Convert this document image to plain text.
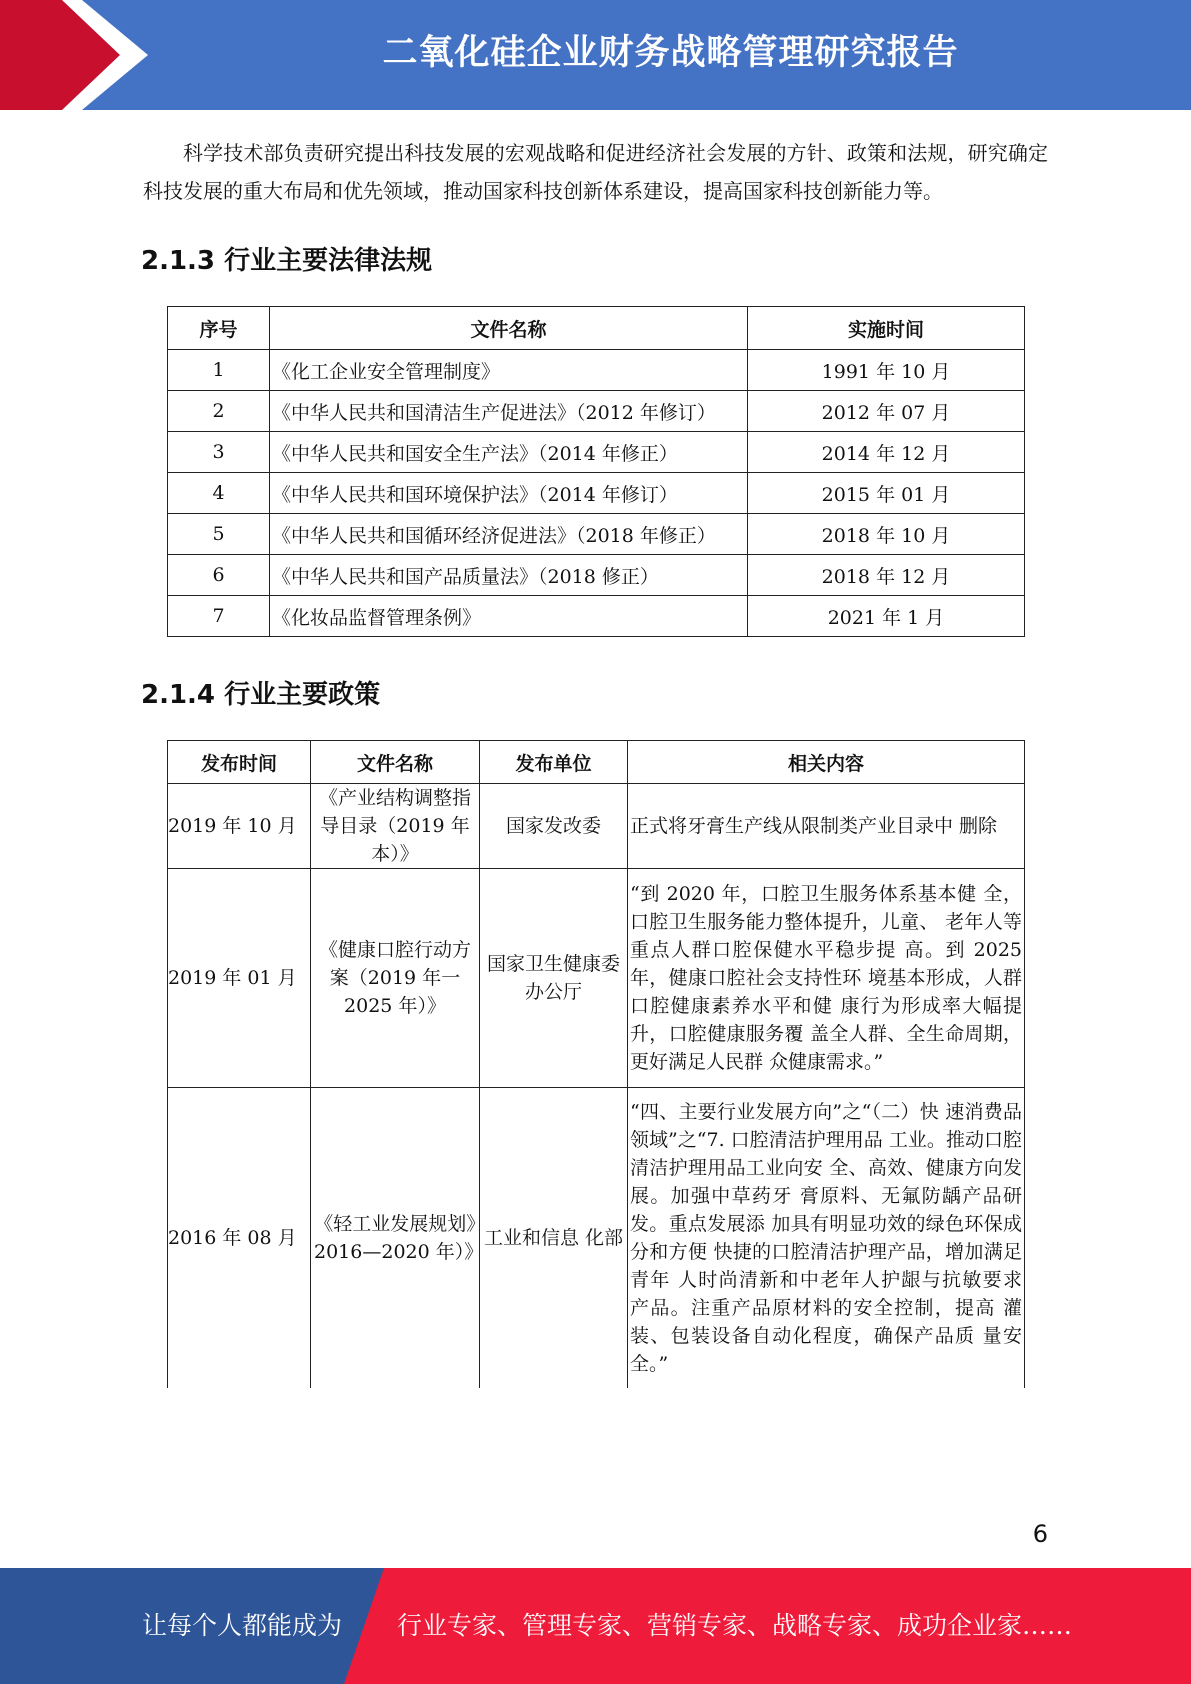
二氧化硅企业财务战略管理研究报告

科学技术部负责研究提出科技发展的宏观战略和促进经济社会发展的方针、政策和法规，研究确定科技发展的重大布局和优先领域，推动国家科技创新体系建设，提高国家科技创新能力等。

2.1.3 行业主要法律法规
序号	文件名称	实施时间
1	《化工企业安全管理制度》	1991 年 10 月
2	《中华人民共和国清洁生产促进法》（2012 年修订）	2012 年 07 月
3	《中华人民共和国安全生产法》（2014 年修正）	2014 年 12 月
4	《中华人民共和国环境保护法》（2014 年修订）	2015 年 01 月
5	《中华人民共和国循环经济促进法》（2018 年修正）	2018 年 10 月
6	《中华人民共和国产品质量法》（2018 修正）	2018 年 12 月
7	《化妆品监督管理条例》	2021 年 1 月
2.1.4 行业主要政策
发布时间	文件名称	发布单位	相关内容
2019 年 10 月	《产业结构调整指导目录（2019 年本）》	国家发改委	正式将牙膏生产线从限制类产业目录中 删除
2019 年 01 月	《健康口腔行动方案（2019 年一 2025 年）》	国家卫生健康委办公厅	“到 2020 年，口腔卫生服务体系基本健 全，口腔卫生服务能力整体提升，儿童、 老年人等重点人群口腔保健水平稳步提 高。到 2025 年，健康口腔社会支持性环 境基本形成，人群口腔健康素养水平和健 康行为形成率大幅提升，口腔健康服务覆 盖全人群、全生命周期，更好满足人民群 众健康需求。”
2016 年 08 月	《轻工业发展规划》2016—2020 年）》	工业和信息 化部	“四、主要行业发展方向”之“（二）快 速消费品领域”之“7. 口腔清洁护理用品 工业。推动口腔清洁护理用品工业向安 全、高效、健康方向发展。加强中草药牙 膏原料、无氟防龋产品研发。重点发展添 加具有明显功效的绿色环保成分和方便 快捷的口腔清洁护理产品，增加满足青年 人时尚清新和中老年人护龈与抗敏要求 产品。注重产品原材料的安全控制，提高 灌装、包装设备自动化程度，确保产品质 量安全。”
6
让每个人都能成为 行业专家、管理专家、营销专家、战略专家、成功企业家……
